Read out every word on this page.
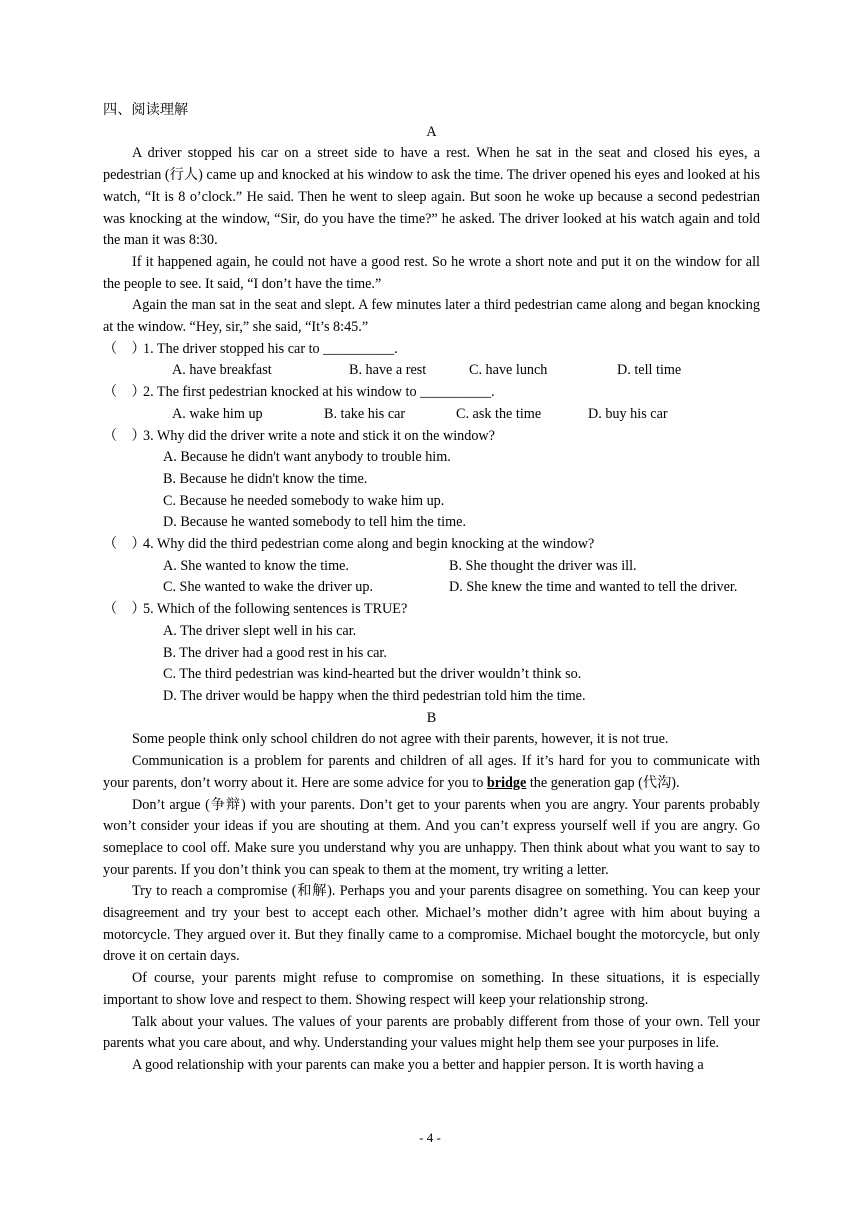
四、阅读理解

A

A driver stopped his car on a street side to have a rest. When he sat in the seat and closed his eyes, a pedestrian (行人) came up and knocked at his window to ask the time. The driver opened his eyes and looked at his watch, “It is 8 o’clock.” He said. Then he went to sleep again. But soon he woke up because a second pedestrian was knocking at the window, “Sir, do you have the time?” he asked. The driver looked at his watch again and told the man it was 8:30.

If it happened again, he could not have a good rest. So he wrote a short note and put it on the window for all the people to see. It said, “I don’t have the time.”

Again the man sat in the seat and slept. A few minutes later a third pedestrian came along and began knocking at the window. “Hey, sir,” she said, “It’s 8:45.”

（　）1. The driver stopped his car to __________.

A. have breakfast	B. have a rest	C. have lunch	D. tell time

（　）2. The first pedestrian knocked at his window to __________.

A. wake him up	B. take his car	C. ask the time	D. buy his car

（　）3. Why did the driver write a note and stick it on the window?

A. Because he didn't want anybody to trouble him.

B. Because he didn't know the time.

C. Because he needed somebody to wake him up.

D. Because he wanted somebody to tell him the time.

（　）4. Why did the third pedestrian come along and begin knocking at the window?

A. She wanted to know the time.	B. She thought the driver was ill.

C. She wanted to wake the driver up.	D. She knew the time and wanted to tell the driver.

（　）5. Which of the following sentences is TRUE?

A. The driver slept well in his car.

B. The driver had a good rest in his car.

C. The third pedestrian was kind-hearted but the driver wouldn’t think so.

D. The driver would be happy when the third pedestrian told him the time.

B

Some people think only school children do not agree with their parents, however, it is not true.

Communication is a problem for parents and children of all ages. If it’s hard for you to communicate with your parents, don’t worry about it. Here are some advice for you to bridge the generation gap (代沟).

Don’t argue (争辩) with your parents. Don’t get to your parents when you are angry. Your parents probably won’t consider your ideas if you are shouting at them. And you can’t express yourself well if you are angry. Go someplace to cool off. Make sure you understand why you are unhappy. Then think about what you want to say to your parents. If you don’t think you can speak to them at the moment, try writing a letter.

Try to reach a compromise (和解). Perhaps you and your parents disagree on something. You can keep your disagreement and try your best to accept each other. Michael’s mother didn’t agree with him about buying a motorcycle. They argued over it. But they finally came to a compromise. Michael bought the motorcycle, but only drove it on certain days.

Of course, your parents might refuse to compromise on something. In these situations, it is especially important to show love and respect to them. Showing respect will keep your relationship strong.

Talk about your values. The values of your parents are probably different from those of your own. Tell your parents what you care about, and why. Understanding your values might help them see your purposes in life.

A good relationship with your parents can make you a better and happier person. It is worth having a

- 4 -
